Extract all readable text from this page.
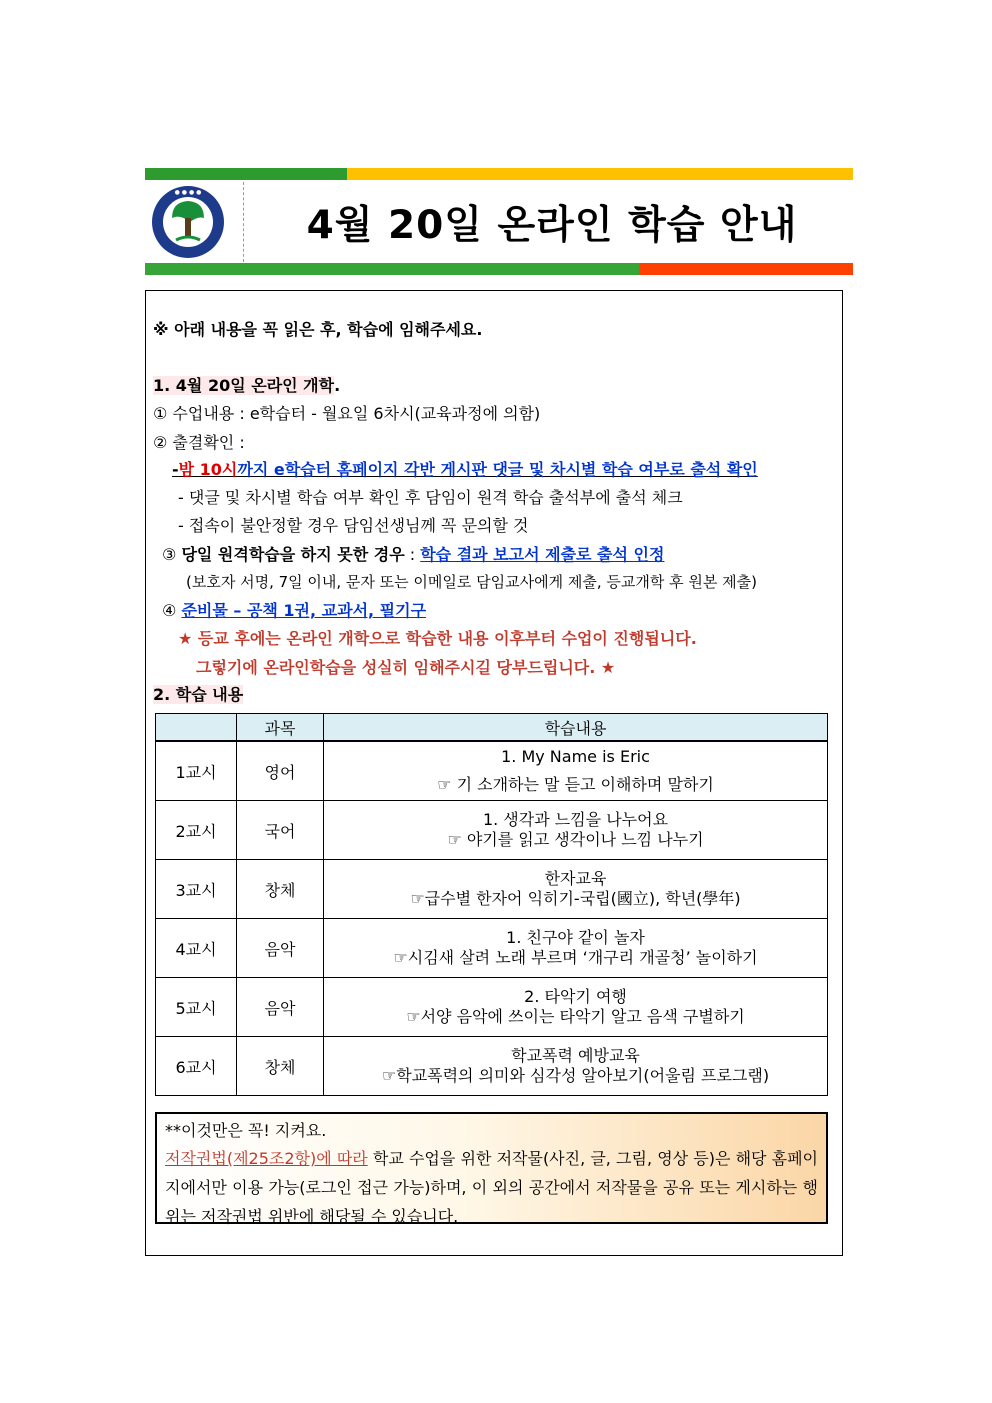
● ● ● ●
4월 20일 온라인 학습 안내
※ 아래 내용을 꼭 읽은 후, 학습에 임해주세요.
1. 4월 20일 온라인 개학.
① 수업내용 : e학습터 - 월요일 6차시(교육과정에 의함)
② 출결확인 :
-밤 10시까지 e학습터 홈페이지 각반 게시판 댓글 및 차시별 학습 여부로 출석 확인
- 댓글 및 차시별 학습 여부 확인 후 담임이 원격 학습 출석부에 출석 체크
- 접속이 불안정할 경우 담임선생님께 꼭 문의할 것
③ 당일 원격학습을 하지 못한 경우 : 학습 결과 보고서 제출로 출석 인정
(보호자 서명, 7일 이내, 문자 또는 이메일로 담임교사에게 제출, 등교개학 후 원본 제출)
④ 준비물 – 공책 1권, 교과서, 필기구
★ 등교 후에는 온라인 개학으로 학습한 내용 이후부터 수업이 진행됩니다.
그렇기에 온라인학습을 성실히 임해주시길 당부드립니다. ★
2. 학습 내용
	과목	학습내용
1교시	영어	1. My Name is Eric
☞ 기 소개하는 말 듣고 이해하며 말하기

2교시	국어	1. 생각과 느낌을 나누어요
☞ 야기를 읽고 생각이나 느낌 나누기

3교시	창체	한자교육
☞급수별 한자어 익히기-국립(國立), 학년(學年)

4교시	음악	1. 친구야 같이 놀자
☞시김새 살려 노래 부르며 ‘개구리 개골청’ 놀이하기

5교시	음악	2. 타악기 여행
☞서양 음악에 쓰이는 타악기 알고 음색 구별하기

6교시	창체	학교폭력 예방교육
☞학교폭력의 의미와 심각성 알아보기(어울림 프로그램)
**이것만은 꼭! 지켜요.
저작권법(제25조2항)에 따라 학교 수업을 위한 저작물(사진, 글, 그림, 영상 등)은 해당 홈페이지에서만 이용 가능(로그인 접근 가능)하며, 이 외의 공간에서 저작물을 공유 또는 게시하는 행위는 저작권법 위반에 해당될 수 있습니다.
